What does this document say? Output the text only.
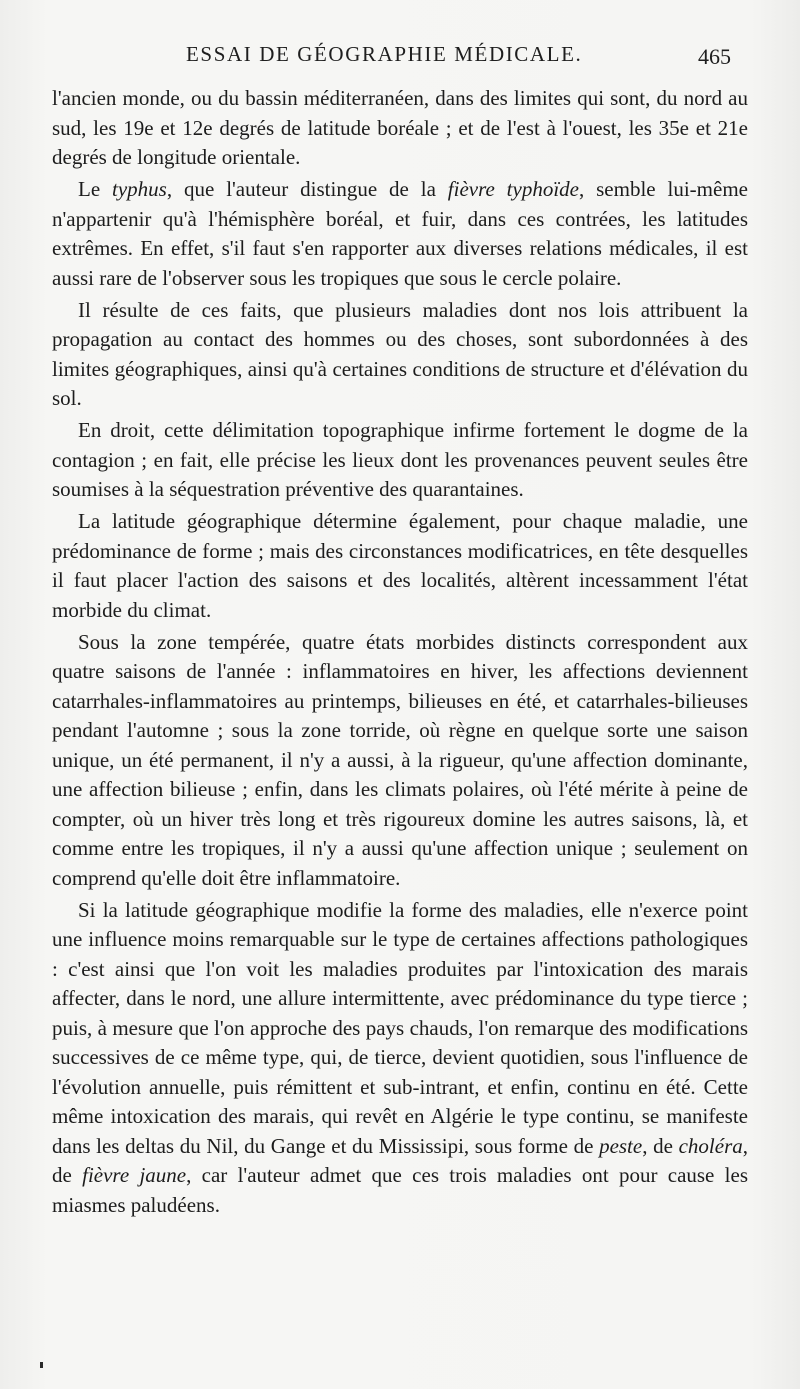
ESSAI DE GÉOGRAPHIE MÉDICALE.	465

l'ancien monde, ou du bassin méditerranéen, dans des limites qui sont, du nord au sud, les 19e et 12e degrés de latitude boréale ; et de l'est à l'ouest, les 35e et 21e degrés de longitude orientale.

Le typhus, que l'auteur distingue de la fièvre typhoïde, semble lui-même n'appartenir qu'à l'hémisphère boréal, et fuir, dans ces contrées, les latitudes extrêmes. En effet, s'il faut s'en rapporter aux diverses relations médicales, il est aussi rare de l'observer sous les tropiques que sous le cercle polaire.

Il résulte de ces faits, que plusieurs maladies dont nos lois attribuent la propagation au contact des hommes ou des choses, sont subordonnées à des limites géographiques, ainsi qu'à certaines conditions de structure et d'élévation du sol.

En droit, cette délimitation topographique infirme fortement le dogme de la contagion ; en fait, elle précise les lieux dont les provenances peuvent seules être soumises à la séquestration préventive des quarantaines.

La latitude géographique détermine également, pour chaque maladie, une prédominance de forme ; mais des circonstances modificatrices, en tête desquelles il faut placer l'action des saisons et des localités, altèrent incessamment l'état morbide du climat.

Sous la zone tempérée, quatre états morbides distincts correspondent aux quatre saisons de l'année : inflammatoires en hiver, les affections deviennent catarrhales-inflammatoires au printemps, bilieuses en été, et catarrhales-bilieuses pendant l'automne ; sous la zone torride, où règne en quelque sorte une saison unique, un été permanent, il n'y a aussi, à la rigueur, qu'une affection dominante, une affection bilieuse ; enfin, dans les climats polaires, où l'été mérite à peine de compter, où un hiver très long et très rigoureux domine les autres saisons, là, et comme entre les tropiques, il n'y a aussi qu'une affection unique ; seulement on comprend qu'elle doit être inflammatoire.

Si la latitude géographique modifie la forme des maladies, elle n'exerce point une influence moins remarquable sur le type de certaines affections pathologiques : c'est ainsi que l'on voit les maladies produites par l'intoxication des marais affecter, dans le nord, une allure intermittente, avec prédominance du type tierce ; puis, à mesure que l'on approche des pays chauds, l'on remarque des modifications successives de ce même type, qui, de tierce, devient quotidien, sous l'influence de l'évolution annuelle, puis rémittent et sub-intrant, et enfin, continu en été. Cette même intoxication des marais, qui revêt en Algérie le type continu, se manifeste dans les deltas du Nil, du Gange et du Mississipi, sous forme de peste, de choléra, de fièvre jaune, car l'auteur admet que ces trois maladies ont pour cause les miasmes paludéens.
